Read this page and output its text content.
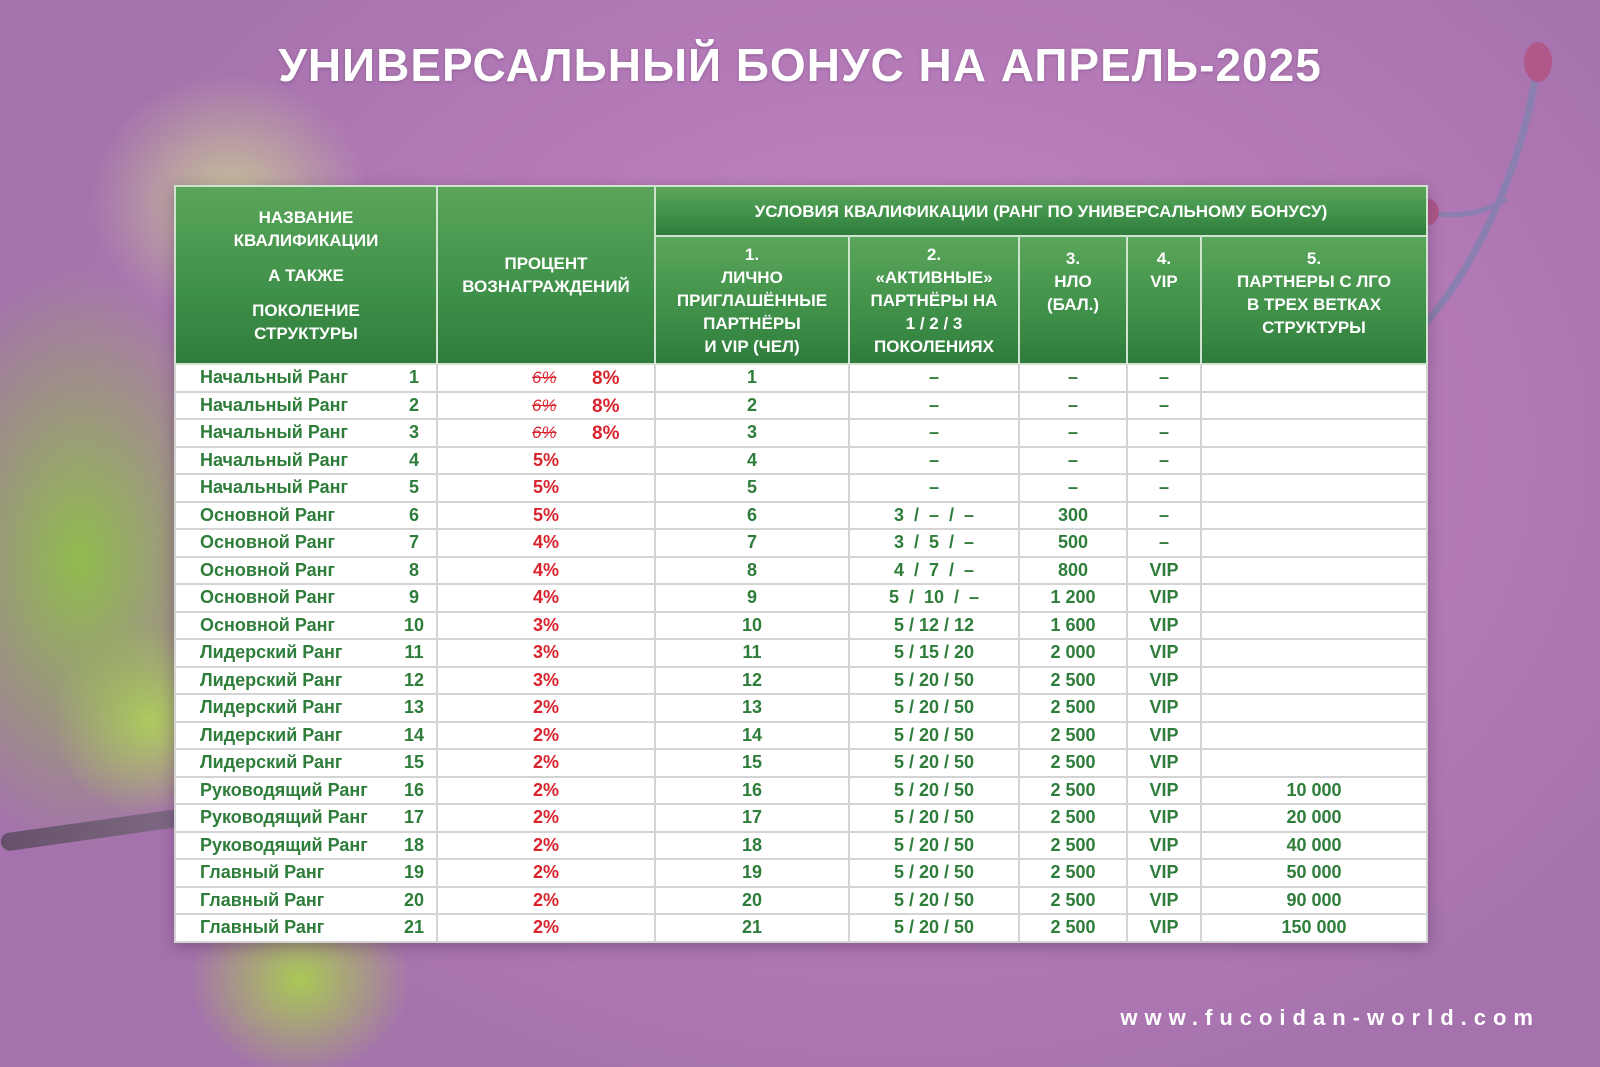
УНИВЕРСАЛЬНЫЙ БОНУС НА АПРЕЛЬ-2025
НАЗВАНИЕ
КВАЛИФИКАЦИИ
А ТАКЖЕ
ПОКОЛЕНИЕ
СТРУКТУРЫ	ПРОЦЕНТ
ВОЗНАГРАЖДЕНИЙ	УСЛОВИЯ КВАЛИФИКАЦИИ (РАНГ ПО УНИВЕРСАЛЬНОМУ БОНУСУ)				

		1.
ЛИЧНО
ПРИГЛАШЁННЫЕ
ПАРТНЁРЫ
И VIP (ЧЕЛ)	2.
«АКТИВНЫЕ»
ПАРТНЁРЫ НА
1 / 2 / 3
ПОКОЛЕНИЯХ	3.
НЛО
(БАЛ.)	4.
VIP	5.
ПАРТНЕРЫ С ЛГО
В ТРЕХ ВЕТКАХ
СТРУКТУРЫ

Начальный Ранг 1	6% 8%	1	–	–	–	
Начальный Ранг 2	6% 8%	2	–	–	–	
Начальный Ранг 3	6% 8%	3	–	–	–	
Начальный Ранг 4	5%	4	–	–	–	
Начальный Ранг 5	5%	5	–	–	–	
Основной Ранг 6	5%	6	3  /  –  /  –	300	–	
Основной Ранг 7	4%	7	3  /  5  /  –	500	–	
Основной Ранг 8	4%	8	4  /  7  /  –	800	VIP	
Основной Ранг 9	4%	9	5  /  10  /  –	1 200	VIP	
Основной Ранг 10	3%	10	5 / 12 / 12	1 600	VIP	
Лидерский Ранг 11	3%	11	5 / 15 / 20	2 000	VIP	
Лидерский Ранг 12	3%	12	5 / 20 / 50	2 500	VIP	
Лидерский Ранг 13	2%	13	5 / 20 / 50	2 500	VIP	
Лидерский Ранг 14	2%	14	5 / 20 / 50	2 500	VIP	
Лидерский Ранг 15	2%	15	5 / 20 / 50	2 500	VIP	
Руководящий Ранг 16	2%	16	5 / 20 / 50	2 500	VIP	10 000
Руководящий Ранг 17	2%	17	5 / 20 / 50	2 500	VIP	20 000
Руководящий Ранг 18	2%	18	5 / 20 / 50	2 500	VIP	40 000
Главный Ранг 19	2%	19	5 / 20 / 50	2 500	VIP	50 000
Главный Ранг 20	2%	20	5 / 20 / 50	2 500	VIP	90 000
Главный Ранг 21	2%	21	5 / 20 / 50	2 500	VIP	150 000
www.fucoidan-world.com
